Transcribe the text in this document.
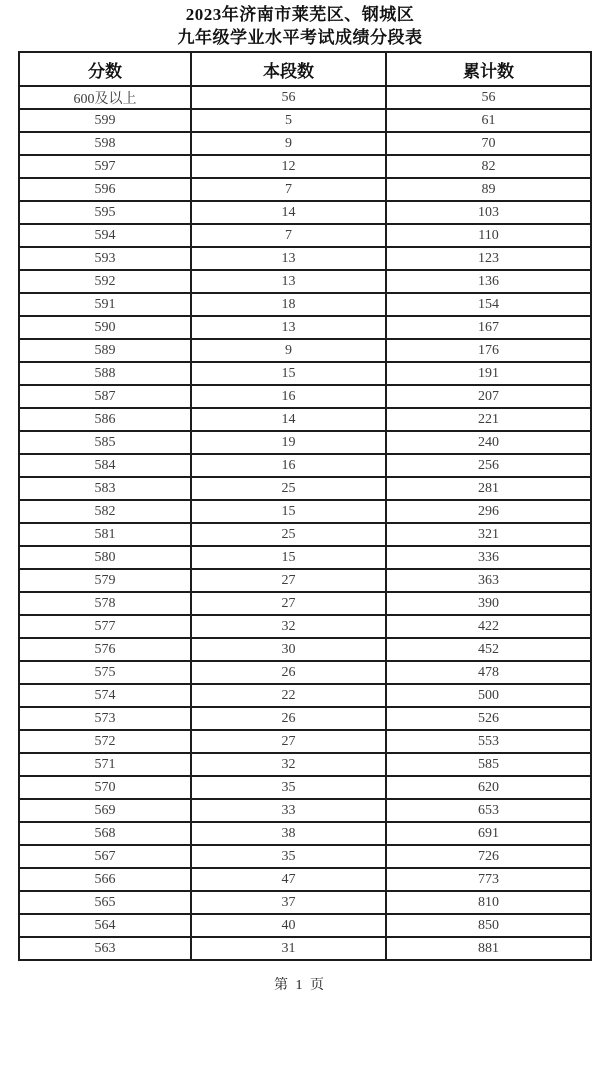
2023年济南市莱芜区、钢城区
九年级学业水平考试成绩分段表
分数	本段数	累计数
600及以上	56	56
599	5	61
598	9	70
597	12	82
596	7	89
595	14	103
594	7	110
593	13	123
592	13	136
591	18	154
590	13	167
589	9	176
588	15	191
587	16	207
586	14	221
585	19	240
584	16	256
583	25	281
582	15	296
581	25	321
580	15	336
579	27	363
578	27	390
577	32	422
576	30	452
575	26	478
574	22	500
573	26	526
572	27	553
571	32	585
570	35	620
569	33	653
568	38	691
567	35	726
566	47	773
565	37	810
564	40	850
563	31	881
第 1 页
